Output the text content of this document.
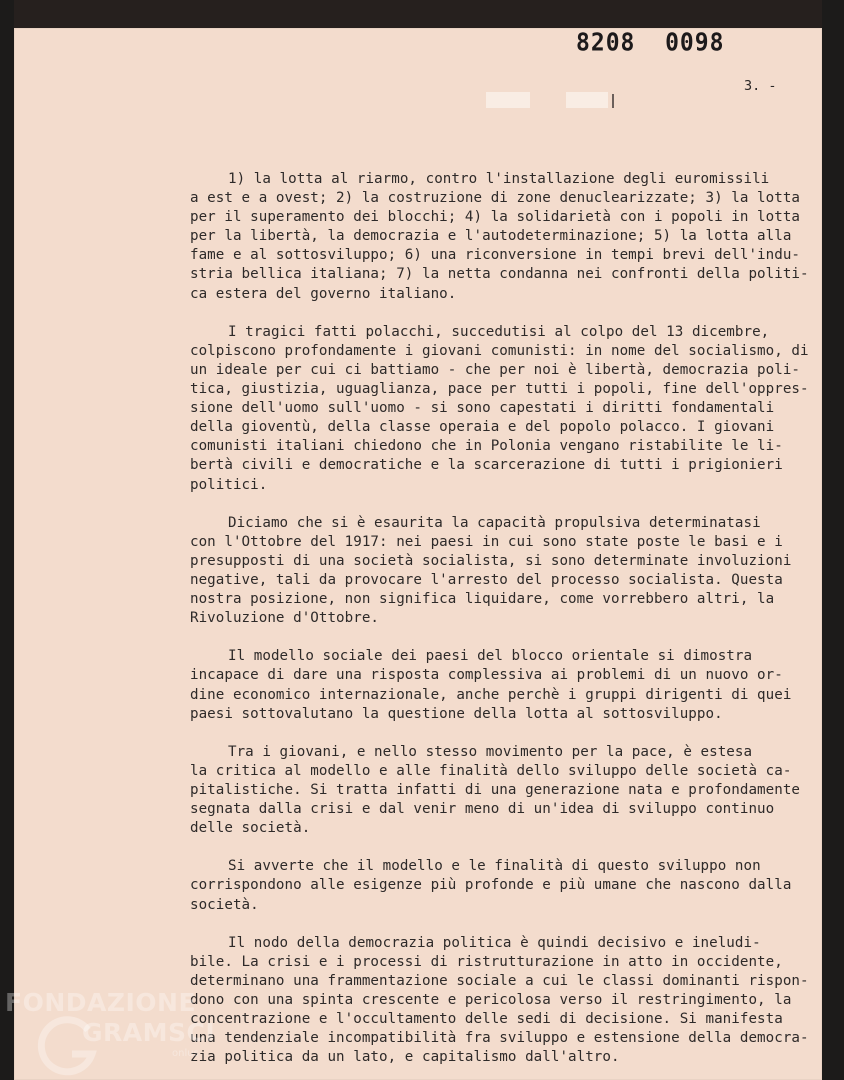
8208  0098
3. -
1) la lotta al riarmo, contro l'installazione degli euromissili
a est e a ovest; 2) la costruzione di zone denuclearizzate; 3) la lotta
per il superamento dei blocchi; 4) la solidarietà con i popoli in lotta
per la libertà, la democrazia e l'autodeterminazione; 5) la lotta alla
fame e al sottosviluppo; 6) una riconversione in tempi brevi dell'indu-
stria bellica italiana; 7) la netta condanna nei confronti della politi-
ca estera del governo italiano.
I tragici fatti polacchi, succedutisi al colpo del 13 dicembre,
colpiscono profondamente i giovani comunisti: in nome del socialismo, di
un ideale per cui ci battiamo - che per noi è libertà, democrazia poli-
tica, giustizia, uguaglianza, pace per tutti i popoli, fine dell'oppres-
sione dell'uomo sull'uomo - si sono capestati i diritti fondamentali
della gioventù, della classe operaia e del popolo polacco. I giovani
comunisti italiani chiedono che in Polonia vengano ristabilite le li-
bertà civili e democratiche e la scarcerazione di tutti i prigionieri
politici.
Diciamo che si è esaurita la capacità propulsiva determinatasi
con l'Ottobre del 1917: nei paesi in cui sono state poste le basi e i
presupposti di una società socialista, si sono determinate involuzioni
negative, tali da provocare l'arresto del processo socialista. Questa
nostra posizione, non significa liquidare, come vorrebbero altri, la
Rivoluzione d'Ottobre.
Il modello sociale dei paesi del blocco orientale si dimostra
incapace di dare una risposta complessiva ai problemi di un nuovo or-
dine economico internazionale, anche perchè i gruppi dirigenti di quei
paesi sottovalutano la questione della lotta al sottosviluppo.
Tra i giovani, e nello stesso movimento per la pace, è estesa
la critica al modello e alle finalità dello sviluppo delle società ca-
pitalistiche. Si tratta infatti di una generazione nata e profondamente
segnata dalla crisi e dal venir meno di un'idea di sviluppo continuo
delle società.
Si avverte che il modello e le finalità di questo sviluppo non
corrispondono alle esigenze più profonde e più umane che nascono dalla
società.
Il nodo della democrazia politica è quindi decisivo e ineludi-
bile. La crisi e i processi di ristrutturazione in atto in occidente,
determinano una frammentazione sociale a cui le classi dominanti rispon-
dono con una spinta crescente e pericolosa verso il restringimento, la
concentrazione e l'occultamento delle sedi di decisione. Si manifesta
una tendenziale incompatibilità fra sviluppo e estensione della democra-
zia politica da un lato, e capitalismo dall'altro.
FONDAZIONE
GRAMSCI
onlus
